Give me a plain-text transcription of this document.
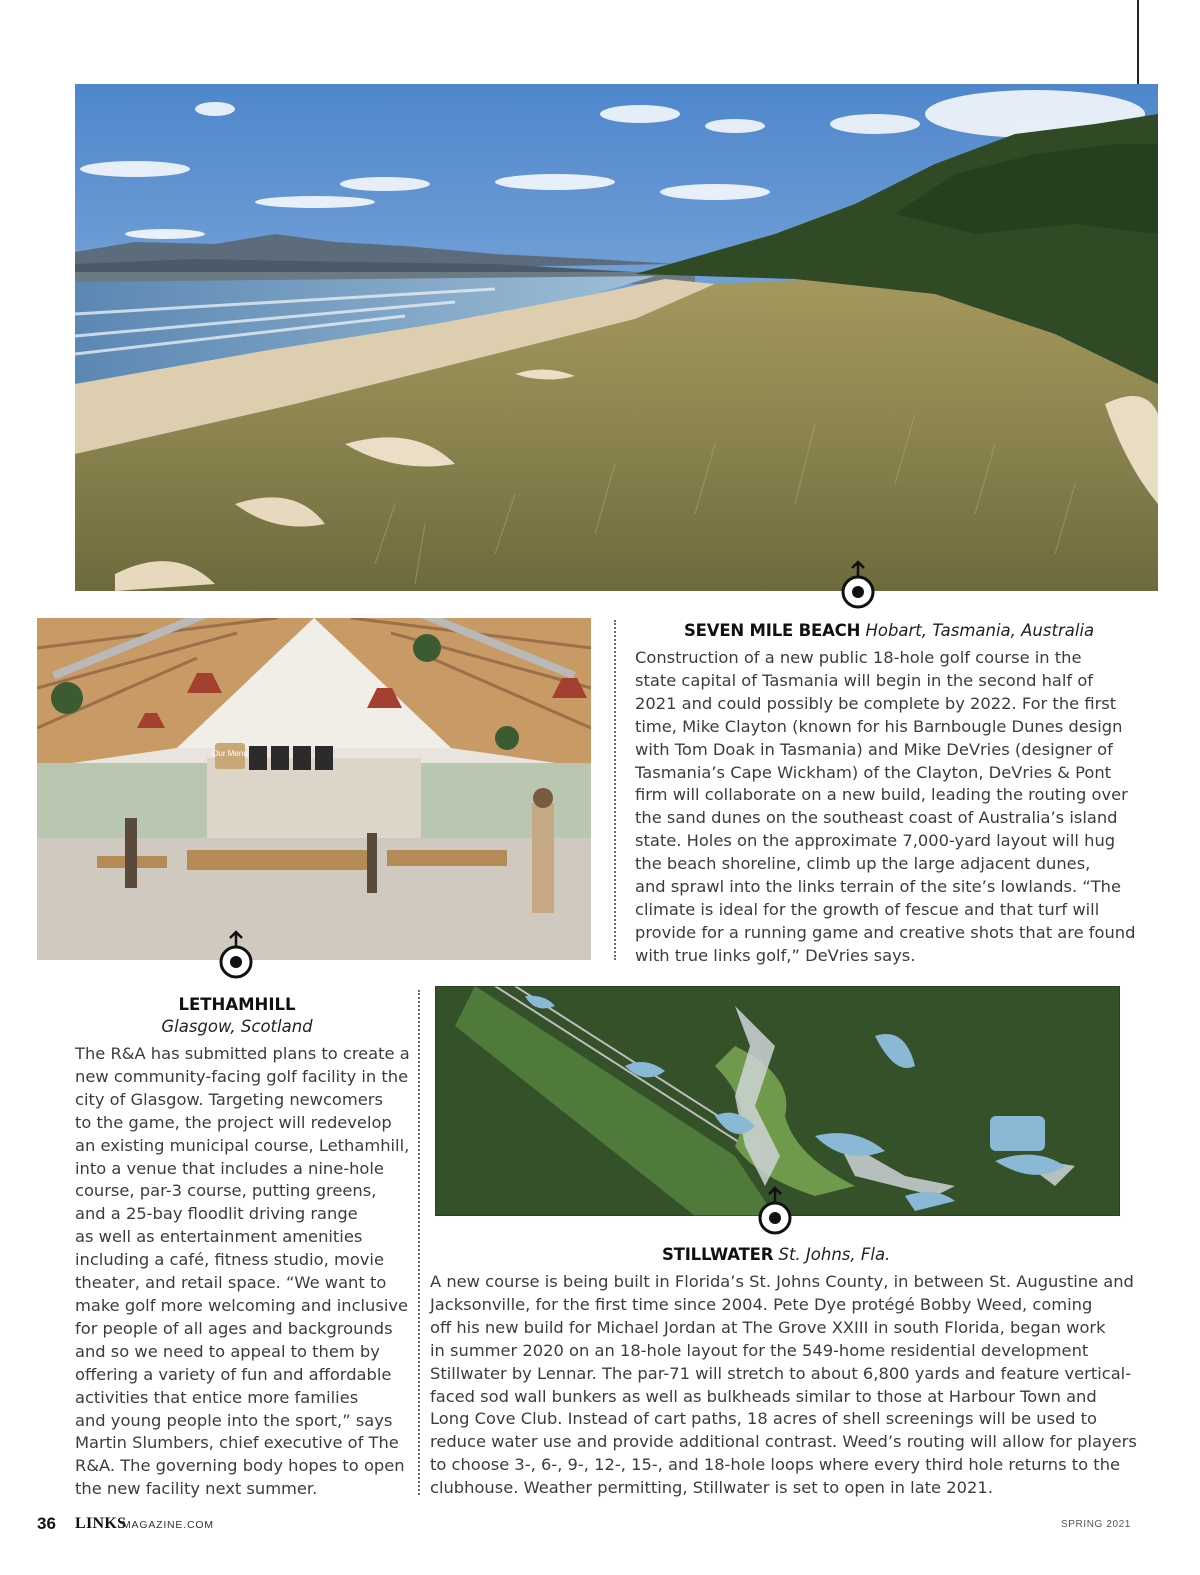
Our Menu
SEVEN MILE BEACH Hobart, Tasmania, Australia

Construction of a new public 18-hole golf course in the
state capital of Tasmania will begin in the second half of
2021 and could possibly be complete by 2022. For the first
time, Mike Clayton (known for his Barnbougle Dunes design
with Tom Doak in Tasmania) and Mike DeVries (designer of
Tasmania’s Cape Wickham) of the Clayton, DeVries & Pont
firm will collaborate on a new build, leading the routing over
the sand dunes on the southeast coast of Australia’s island
state. Holes on the approximate 7,000-yard layout will hug
the beach shoreline, climb up the large adjacent dunes,
and sprawl into the links terrain of the site’s lowlands. “The
climate is ideal for the growth of fescue and that turf will
provide for a running game and creative shots that are found
with true links golf,” DeVries says.

LETHAMHILL
Glasgow, Scotland

The R&A has submitted plans to create a
new community-facing golf facility in the
city of Glasgow. Targeting newcomers
to the game, the project will redevelop
an existing municipal course, Lethamhill,
into a venue that includes a nine-hole
course, par-3 course, putting greens,
and a 25-bay floodlit driving range
as well as entertainment amenities
including a café, fitness studio, movie
theater, and retail space. “We want to
make golf more welcoming and inclusive
for people of all ages and backgrounds
and so we need to appeal to them by
offering a variety of fun and affordable
activities that entice more families
and young people into the sport,” says
Martin Slumbers, chief executive of The
R&A. The governing body hopes to open
the new facility next summer.

STILLWATER St. Johns, Fla.

A new course is being built in Florida’s St. Johns County, in between St. Augustine and
Jacksonville, for the first time since 2004. Pete Dye protégé Bobby Weed, coming
off his new build for Michael Jordan at The Grove XXIII in south Florida, began work
in summer 2020 on an 18-hole layout for the 549-home residential development
Stillwater by Lennar. The par-71 will stretch to about 6,800 yards and feature vertical-
faced sod wall bunkers as well as bulkheads similar to those at Harbour Town and
Long Cove Club. Instead of cart paths, 18 acres of shell screenings will be used to
reduce water use and provide additional contrast. Weed’s routing will allow for players
to choose 3-, 6-, 9-, 12-, 15-, and 18-hole loops where every third hole returns to the
clubhouse. Weather permitting, Stillwater is set to open in late 2021.

36 LINKS
MAGAZINE.COM	SPRING 2021
